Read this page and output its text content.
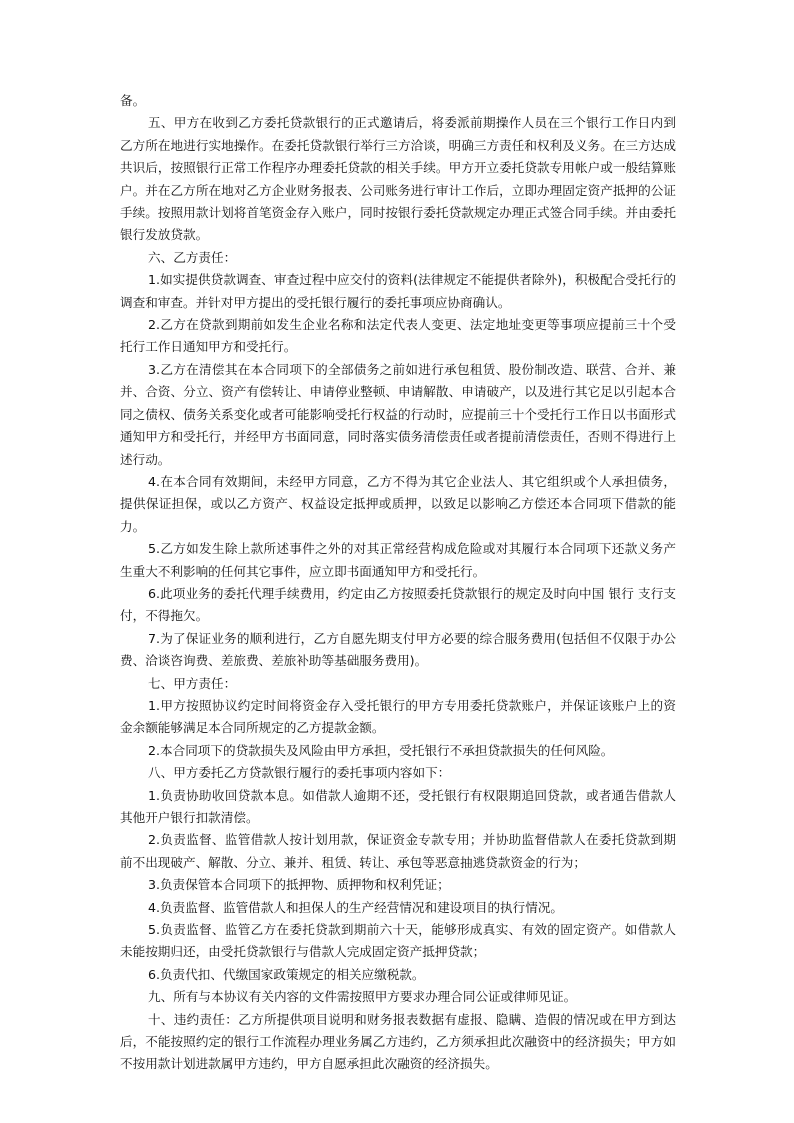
备。

五、甲方在收到乙方委托贷款银行的正式邀请后，将委派前期操作人员在三个银行工作日内到乙方所在地进行实地操作。在委托贷款银行举行三方洽谈，明确三方责任和权利及义务。在三方达成共识后，按照银行正常工作程序办理委托贷款的相关手续。甲方开立委托贷款专用帐户或一般结算账户。并在乙方所在地对乙方企业财务报表、公司账务进行审计工作后，立即办理固定资产抵押的公证手续。按照用款计划将首笔资金存入账户，同时按银行委托贷款规定办理正式签合同手续。并由委托银行发放贷款。

六、乙方责任：

1.如实提供贷款调查、审查过程中应交付的资料(法律规定不能提供者除外)，积极配合受托行的调查和审查。并针对甲方提出的受托银行履行的委托事项应协商确认。

2.乙方在贷款到期前如发生企业名称和法定代表人变更、法定地址变更等事项应提前三十个受托行工作日通知甲方和受托行。

3.乙方在清偿其在本合同项下的全部债务之前如进行承包租赁、股份制改造、联营、合并、兼并、合资、分立、资产有偿转让、申请停业整顿、申请解散、申请破产，以及进行其它足以引起本合同之债权、债务关系变化或者可能影响受托行权益的行动时，应提前三十个受托行工作日以书面形式通知甲方和受托行，并经甲方书面同意，同时落实债务清偿责任或者提前清偿责任，否则不得进行上述行动。

4.在本合同有效期间，未经甲方同意，乙方不得为其它企业法人、其它组织或个人承担债务，提供保证担保，或以乙方资产、权益设定抵押或质押，以致足以影响乙方偿还本合同项下借款的能力。

5.乙方如发生除上款所述事件之外的对其正常经营构成危险或对其履行本合同项下还款义务产生重大不利影响的任何其它事件，应立即书面通知甲方和受托行。

6.此项业务的委托代理手续费用，约定由乙方按照委托贷款银行的规定及时向中国 银行 支行支付，不得拖欠。

7.为了保证业务的顺利进行，乙方自愿先期支付甲方必要的综合服务费用(包括但不仅限于办公费、洽谈咨询费、差旅费、差旅补助等基础服务费用)。

七、甲方责任：

1.甲方按照协议约定时间将资金存入受托银行的甲方专用委托贷款账户，并保证该账户上的资金余额能够满足本合同所规定的乙方提款金额。

2.本合同项下的贷款损失及风险由甲方承担，受托银行不承担贷款损失的任何风险。

八、甲方委托乙方贷款银行履行的委托事项内容如下：

1.负责协助收回贷款本息。如借款人逾期不还，受托银行有权限期追回贷款，或者通告借款人其他开户银行扣款清偿。

2.负责监督、监管借款人按计划用款，保证资金专款专用；并协助监督借款人在委托贷款到期前不出现破产、解散、分立、兼并、租赁、转让、承包等恶意抽逃贷款资金的行为；

3.负责保管本合同项下的抵押物、质押物和权利凭证；

4.负责监督、监管借款人和担保人的生产经营情况和建设项目的执行情况。

5.负责监督、监管乙方在委托贷款到期前六十天，能够形成真实、有效的固定资产。如借款人未能按期归还，由受托贷款银行与借款人完成固定资产抵押贷款；

6.负责代扣、代缴国家政策规定的相关应缴税款。

九、所有与本协议有关内容的文件需按照甲方要求办理合同公证或律师见证。

十、违约责任：乙方所提供项目说明和财务报表数据有虚报、隐瞒、造假的情况或在甲方到达后，不能按照约定的银行工作流程办理业务属乙方违约，乙方须承担此次融资中的经济损失；甲方如不按用款计划进款属甲方违约，甲方自愿承担此次融资的经济损失。
